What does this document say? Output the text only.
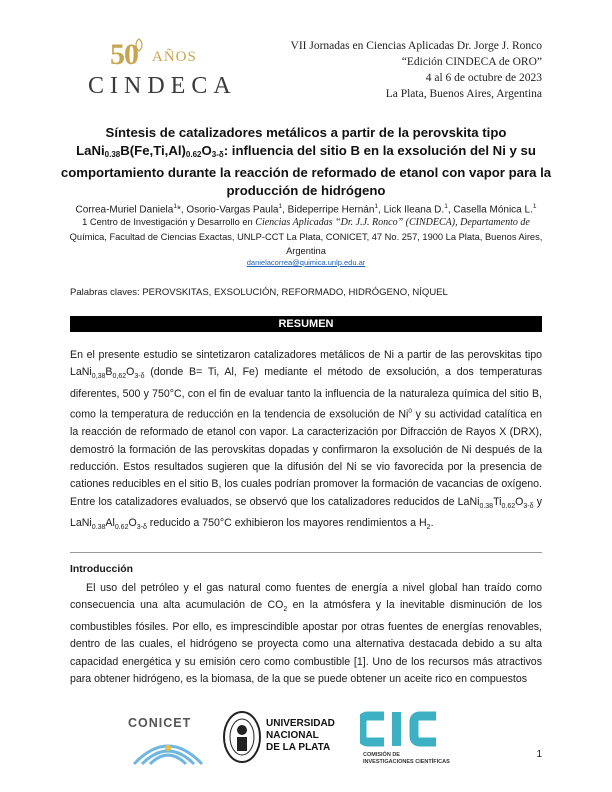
50 AÑOS
CINDECA
VII Jornadas en Ciencias Aplicadas Dr. Jorge J. Ronco
“Edición CINDECA de ORO”
4 al 6 de octubre de 2023
La Plata, Buenos Aires, Argentina
Síntesis de catalizadores metálicos a partir de la perovskita tipo
$LaNi_{0.38}B(Fe,Ti,Al)_{0.62}O_{3-\delta}$: influencia del sitio B en la exsolución del Ni y su comportamiento durante la reacción de reformado de etanol con vapor para la producción de hidrógeno
Correa-Muriel Daniela$^1$*, Osorio-Vargas Paula$^1$, Bideperripe Hernán$^1$, Lick Ileana D.$^1$, Casella Mónica L.$^1$
1 Centro de Investigación y Desarrollo en Ciencias Aplicadas “Dr. J.J. Ronco” (CINDECA), Departamento de Química, Facultad de Ciencias Exactas, UNLP-CCT La Plata, CONICET, 47 No. 257, 1900 La Plata, Buenos Aires, Argentina
danielacorrea@quimica.unlp.edu.ar
Palabras claves: PEROVSKITAS, EXSOLUCIÓN, REFORMADO, HIDRÓGENO, NÍQUEL
RESUMEN
En el presente estudio se sintetizaron catalizadores metálicos de Ni a partir de las perovskitas tipo $LaNi_{0,38}B_{0,62}O_{3-\delta}$ (donde B= Ti, Al, Fe) mediante el método de exsolución, a dos temperaturas diferentes, 500 y 750°C, con el fin de evaluar tanto la influencia de la naturaleza química del sitio B, como la temperatura de reducción en la tendencia de exsolución de Ni$^0$ y su actividad catalítica en la reacción de reformado de etanol con vapor. La caracterización por Difracción de Rayos X (DRX), demostró la formación de las perovskitas dopadas y confirmaron la exsolución de Ni después de la reducción. Estos resultados sugieren que la difusión del Ni se vio favorecida por la presencia de cationes reducibles en el sitio B, los cuales podrían promover la formación de vacancias de oxígeno. Entre los catalizadores evaluados, se observó que los catalizadores reducidos de $LaNi_{0.38}Ti_{0.62}O_{3-\delta}$ y $LaNi_{0.38}Al_{0.62}O_{3-\delta}$ reducido a 750°C exhibieron los mayores rendimientos a $H_2$.
Introducción
El uso del petróleo y el gas natural como fuentes de energía a nivel global han traído como consecuencia una alta acumulación de $CO_2$ en la atmósfera y la inevitable disminución de los combustibles fósiles. Por ello, es imprescindible apostar por otras fuentes de energías renovables, dentro de las cuales, el hidrógeno se proyecta como una alternativa destacada debido a su alta capacidad energética y su emisión cero como combustible [1]. Uno de los recursos más atractivos para obtener hidrógeno, es la biomasa, de la que se puede obtener un aceite rico en compuestos
CONICET	UNIVERSIDAD
NACIONAL
DE LA PLATA
COMISIÓN DE
INVESTIGACIONES CIENTÍFICAS
1
